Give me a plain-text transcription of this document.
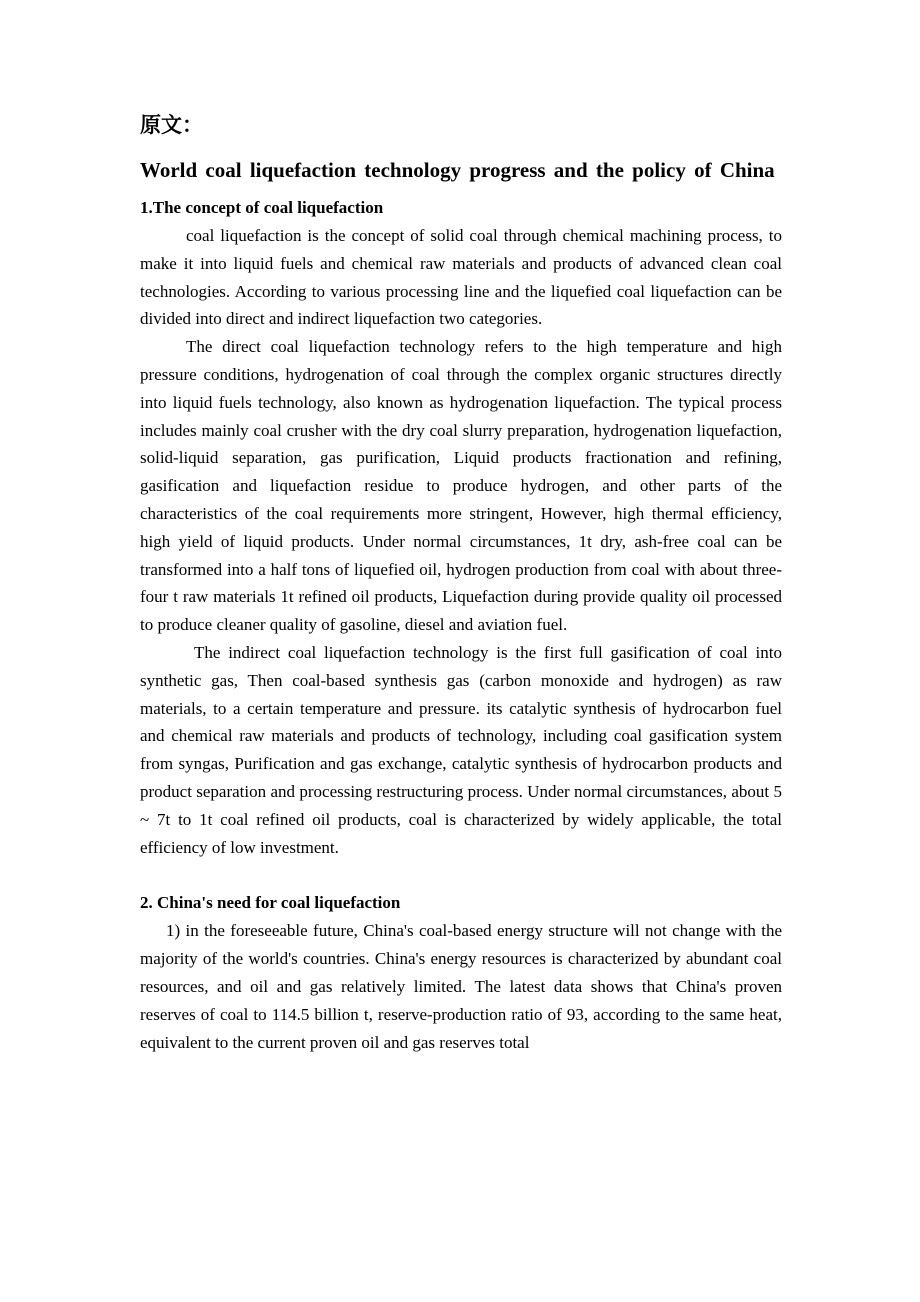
原文：
World coal liquefaction technology progress and the policy of China
1.The concept of coal liquefaction

coal liquefaction is the concept of solid coal through chemical machining process, to make it into liquid fuels and chemical raw materials and products of advanced clean coal technologies. According to various processing line and the liquefied coal liquefaction can be divided into direct and indirect liquefaction two categories.

The direct coal liquefaction technology refers to the high temperature and high pressure conditions, hydrogenation of coal through the complex organic structures directly into liquid fuels technology, also known as hydrogenation liquefaction. The typical process includes mainly coal crusher with the dry coal slurry preparation, hydrogenation liquefaction, solid-liquid separation, gas purification, Liquid products fractionation and refining, gasification and liquefaction residue to produce hydrogen, and other parts of the characteristics of the coal requirements more stringent, However, high thermal efficiency, high yield of liquid products. Under normal circumstances, 1t dry, ash-free coal can be transformed into a half tons of liquefied oil, hydrogen production from coal with about three-four t raw materials 1t refined oil products, Liquefaction during provide quality oil processed to produce cleaner quality of gasoline, diesel and aviation fuel.

The indirect coal liquefaction technology is the first full gasification of coal into synthetic gas, Then coal-based synthesis gas (carbon monoxide and hydrogen) as raw materials, to a certain temperature and pressure. its catalytic synthesis of hydrocarbon fuel and chemical raw materials and products of technology, including coal gasification system from syngas, Purification and gas exchange, catalytic synthesis of hydrocarbon products and product separation and processing restructuring process. Under normal circumstances, about 5 ~ 7t to 1t coal refined oil products, coal is characterized by widely applicable, the total efficiency of low investment.

2. China's need for coal liquefaction

1) in the foreseeable future, China's coal-based energy structure will not change with the majority of the world's countries. China's energy resources is characterized by abundant coal resources, and oil and gas relatively limited. The latest data shows that China's proven reserves of coal to 114.5 billion t, reserve-production ratio of 93, according to the same heat, equivalent to the current proven oil and gas reserves total
